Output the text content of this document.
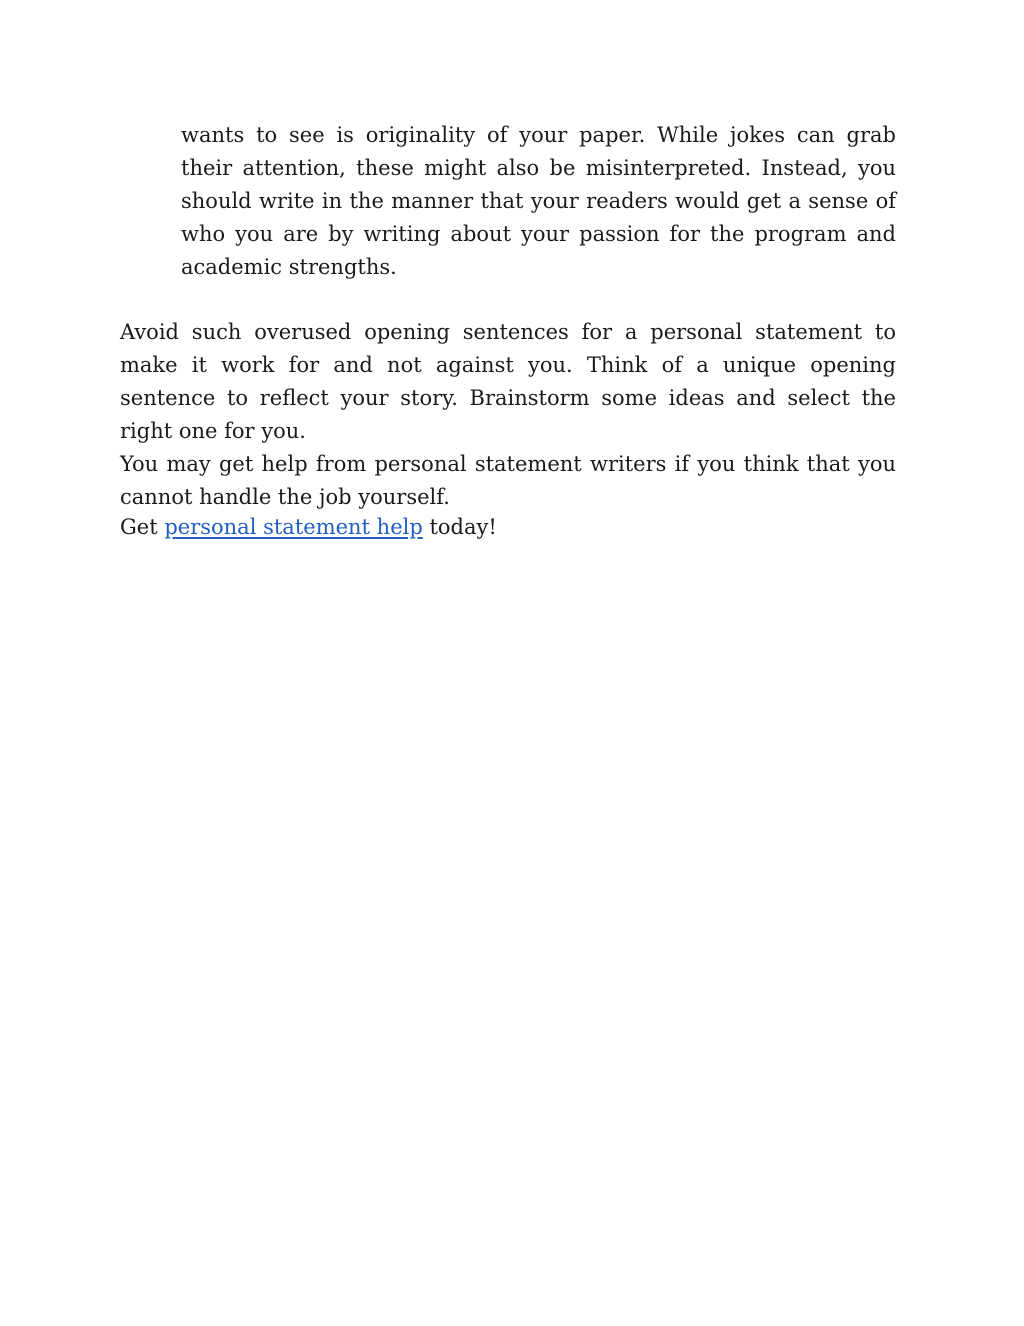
wants to see is originality of your paper. While jokes can grab their attention, these might also be misinterpreted. Instead, you should write in the manner that your readers would get a sense of who you are by writing about your passion for the program and academic strengths.

Avoid such overused opening sentences for a personal statement to make it work for and not against you. Think of a unique opening sentence to reflect your story. Brainstorm some ideas and select the right one for you.

You may get help from personal statement writers if you think that you cannot handle the job yourself.

Get personal statement help today!
